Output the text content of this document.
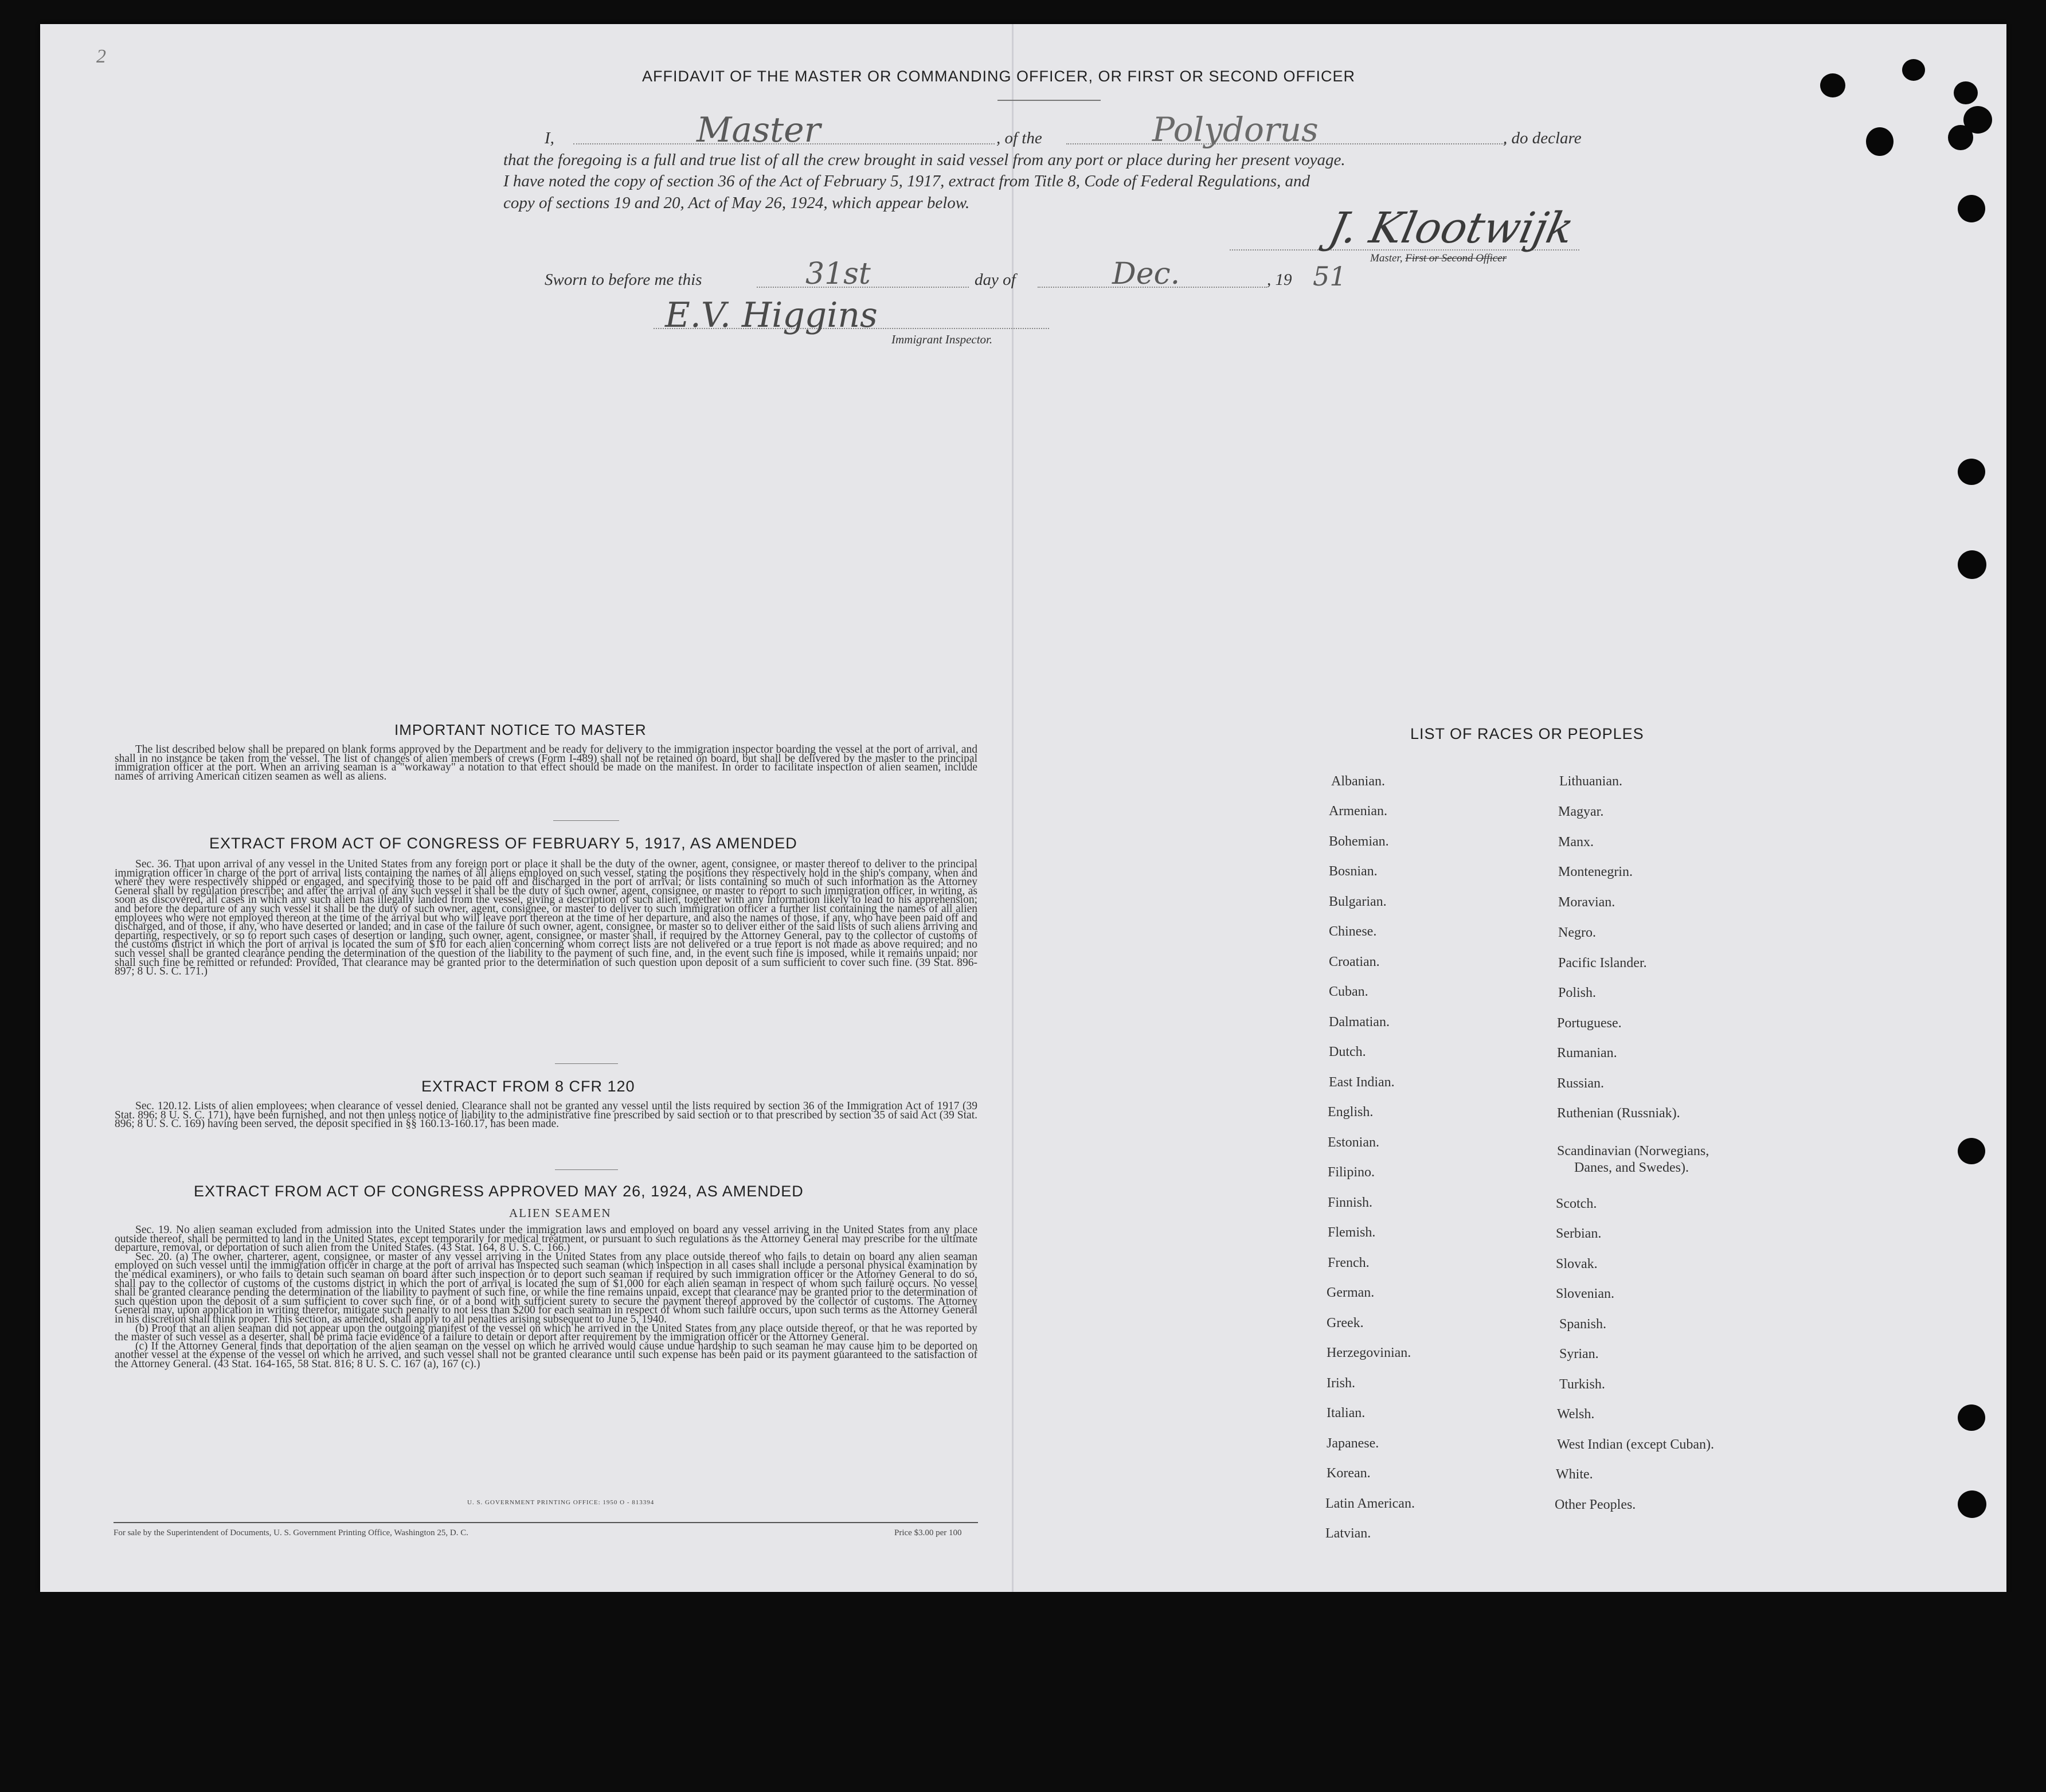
2
AFFIDAVIT OF THE MASTER OR COMMANDING OFFICER, OR FIRST OR SECOND OFFICER
I,	Master	, of the	Polydorus	, do declare
that the foregoing is a full and true list of all the crew brought in said vessel from any port or place during her present voyage.
I have noted the copy of section 36 of the Act of February 5, 1917, extract from Title 8, Code of Federal Regulations, and
copy of sections 19 and 20, Act of May 26, 1924, which appear below.
J. Klootwijk
Master, First or Second Officer
Sworn to before me this	31st	day of	Dec.	, 19 51
E.V. Higgins
Immigrant Inspector.
IMPORTANT NOTICE TO MASTER

The list described below shall be prepared on blank forms approved by the Department and be ready for delivery to the immigration inspector boarding the vessel at the port of arrival, and shall in no instance be taken from the vessel. The list of changes of alien members of crews (Form I-489) shall not be retained on board, but shall be delivered by the master to the principal immigration officer at the port. When an arriving seaman is a "workaway" a notation to that effect should be made on the manifest. In order to facilitate inspection of alien seamen, include names of arriving American citizen seamen as well as aliens.

EXTRACT FROM ACT OF CONGRESS OF FEBRUARY 5, 1917, AS AMENDED

Sec. 36. That upon arrival of any vessel in the United States from any foreign port or place it shall be the duty of the owner, agent, consignee, or master thereof to deliver to the principal immigration officer in charge of the port of arrival lists containing the names of all aliens employed on such vessel, stating the positions they respectively hold in the ship's company, when and where they were respectively shipped or engaged, and specifying those to be paid off and discharged in the port of arrival; or lists containing so much of such information as the Attorney General shall by regulation prescribe; and after the arrival of any such vessel it shall be the duty of such owner, agent, consignee, or master to report to such immigration officer, in writing, as soon as discovered, all cases in which any such alien has illegally landed from the vessel, giving a description of such alien, together with any information likely to lead to his apprehension; and before the departure of any such vessel it shall be the duty of such owner, agent, consignee, or master to deliver to such immigration officer a further list containing the names of all alien employees who were not employed thereon at the time of the arrival but who will leave port thereon at the time of her departure, and also the names of those, if any, who have been paid off and discharged, and of those, if any, who have deserted or landed; and in case of the failure of such owner, agent, consignee, or master so to deliver either of the said lists of such aliens arriving and departing, respectively, or so to report such cases of desertion or landing, such owner, agent, consignee, or master shall, if required by the Attorney General, pay to the collector of customs of the customs district in which the port of arrival is located the sum of $10 for each alien concerning whom correct lists are not delivered or a true report is not made as above required; and no such vessel shall be granted clearance pending the determination of the question of the liability to the payment of such fine, and, in the event such fine is imposed, while it remains unpaid; nor shall such fine be remitted or refunded: Provided, That clearance may be granted prior to the determination of such question upon deposit of a sum sufficient to cover such fine. (39 Stat. 896-897; 8 U. S. C. 171.)

EXTRACT FROM 8 CFR 120

Sec. 120.12. Lists of alien employees; when clearance of vessel denied. Clearance shall not be granted any vessel until the lists required by section 36 of the Immigration Act of 1917 (39 Stat. 896; 8 U. S. C. 171), have been furnished, and not then unless notice of liability to the administrative fine prescribed by said section or to that prescribed by section 35 of said Act (39 Stat. 896; 8 U. S. C. 169) having been served, the deposit specified in §§ 160.13-160.17, has been made.

EXTRACT FROM ACT OF CONGRESS APPROVED MAY 26, 1924, AS AMENDED
ALIEN SEAMEN

Sec. 19. No alien seaman excluded from admission into the United States under the immigration laws and employed on board any vessel arriving in the United States from any place outside thereof, shall be permitted to land in the United States, except temporarily for medical treatment, or pursuant to such regulations as the Attorney General may prescribe for the ultimate departure, removal, or deportation of such alien from the United States. (43 Stat. 164, 8 U. S. C. 166.)

Sec. 20. (a) The owner, charterer, agent, consignee, or master of any vessel arriving in the United States from any place outside thereof who fails to detain on board any alien seaman employed on such vessel until the immigration officer in charge at the port of arrival has inspected such seaman (which inspection in all cases shall include a personal physical examination by the medical examiners), or who fails to detain such seaman on board after such inspection or to deport such seaman if required by such immigration officer or the Attorney General to do so, shall pay to the collector of customs of the customs district in which the port of arrival is located the sum of $1,000 for each alien seaman in respect of whom such failure occurs. No vessel shall be granted clearance pending the determination of the liability to payment of such fine, or while the fine remains unpaid, except that clearance may be granted prior to the determination of such question upon the deposit of a sum sufficient to cover such fine, or of a bond with sufficient surety to secure the payment thereof approved by the collector of customs. The Attorney General may, upon application in writing therefor, mitigate such penalty to not less than $200 for each seaman in respect of whom such failure occurs, upon such terms as the Attorney General in his discretion shall think proper. This section, as amended, shall apply to all penalties arising subsequent to June 5, 1940.

(b) Proof that an alien seaman did not appear upon the outgoing manifest of the vessel on which he arrived in the United States from any place outside thereof, or that he was reported by the master of such vessel as a deserter, shall be prima facie evidence of a failure to detain or deport after requirement by the immigration officer or the Attorney General.

(c) If the Attorney General finds that deportation of the alien seaman on the vessel on which he arrived would cause undue hardship to such seaman he may cause him to be deported on another vessel at the expense of the vessel on which he arrived, and such vessel shall not be granted clearance until such expense has been paid or its payment guaranteed to the satisfaction of the Attorney General. (43 Stat. 164-165, 58 Stat. 816; 8 U. S. C. 167 (a), 167 (c).)

U. S. GOVERNMENT PRINTING OFFICE: 1950 O - 813394
For sale by the Superintendent of Documents, U. S. Government Printing Office, Washington 25, D. C.	Price $3.00 per 100
LIST OF RACES OR PEOPLES
Albanian.
Armenian.
Bohemian.
Bosnian.
Bulgarian.
Chinese.
Croatian.
Cuban.
Dalmatian.
Dutch.
East Indian.
English.
Estonian.
Filipino.
Finnish.
Flemish.
French.
German.
Greek.
Herzegovinian.
Irish.
Italian.
Japanese.
Korean.
Latin American.
Latvian.
Lithuanian.
Magyar.
Manx.
Montenegrin.
Moravian.
Negro.
Pacific Islander.
Polish.
Portuguese.
Rumanian.
Russian.
Ruthenian (Russniak).
Scandinavian (Norwegians,
Danes, and Swedes).
Scotch.
Serbian.
Slovak.
Slovenian.
Spanish.
Syrian.
Turkish.
Welsh.
West Indian (except Cuban).
White.
Other Peoples.
